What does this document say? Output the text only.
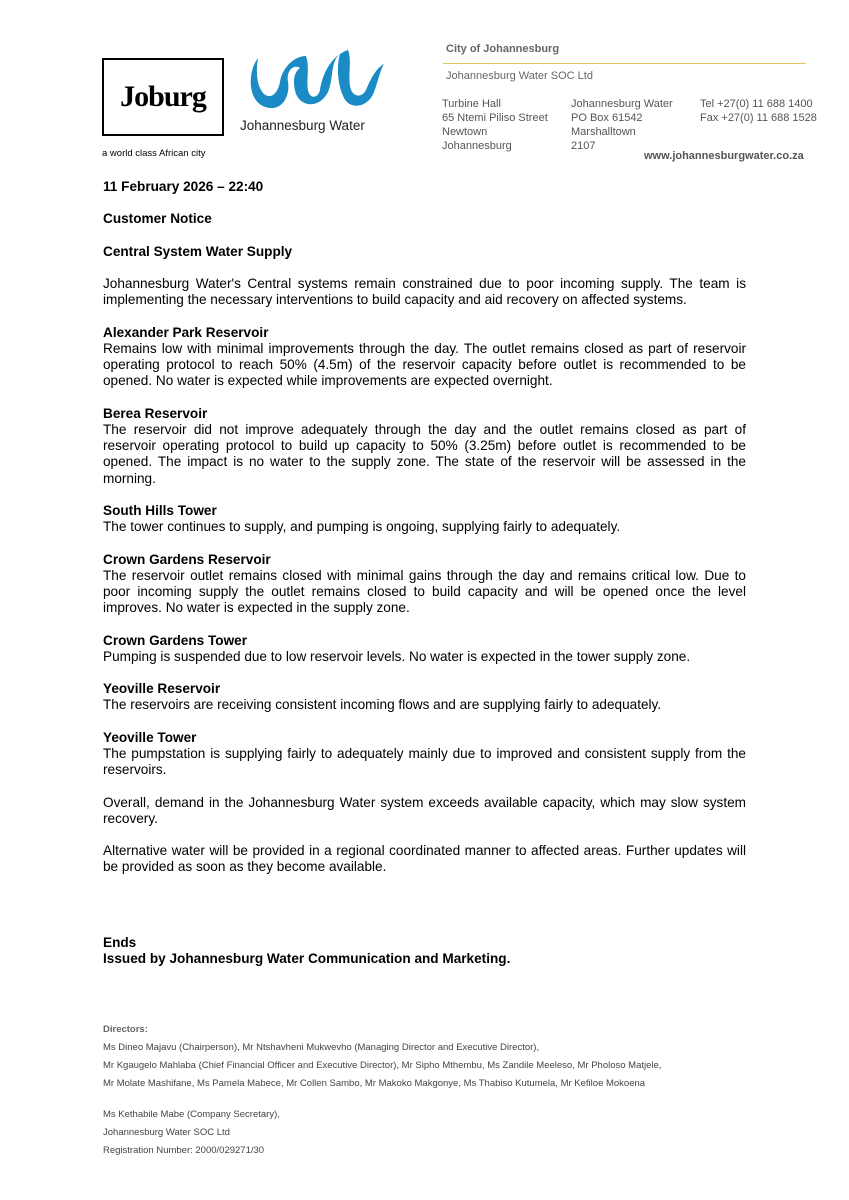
Joburg
a world class African city
Johannesburg Water
City of Johannesburg
Johannesburg Water SOC Ltd
Turbine Hall
65 Ntemi Piliso Street
Newtown
Johannesburg
Johannesburg Water
PO Box 61542
Marshalltown
2107
Tel +27(0) 11 688 1400
Fax +27(0) 11 688 1528
www.johannesburgwater.co.za

11 February 2026 – 22:40

Customer Notice

Central System Water Supply

Johannesburg Water's Central systems remain constrained due to poor incoming supply. The team is implementing the necessary interventions to build capacity and aid recovery on affected systems.

Alexander Park Reservoir

Remains low with minimal improvements through the day. The outlet remains closed as part of reservoir operating protocol to reach 50% (4.5m) of the reservoir capacity before outlet is recommended to be opened. No water is expected while improvements are expected overnight.

Berea Reservoir

The reservoir did not improve adequately through the day and the outlet remains closed as part of reservoir operating protocol to build up capacity to 50% (3.25m) before outlet is recommended to be opened. The impact is no water to the supply zone. The state of the reservoir will be assessed in the morning.

South Hills Tower

The tower continues to supply, and pumping is ongoing, supplying fairly to adequately.

Crown Gardens Reservoir

The reservoir outlet remains closed with minimal gains through the day and remains critical low. Due to poor incoming supply the outlet remains closed to build capacity and will be opened once the level improves. No water is expected in the supply zone.

Crown Gardens Tower

Pumping is suspended due to low reservoir levels. No water is expected in the tower supply zone.

Yeoville Reservoir

The reservoirs are receiving consistent incoming flows and are supplying fairly to adequately.

Yeoville Tower

The pumpstation is supplying fairly to adequately mainly due to improved and consistent supply from the reservoirs.

Overall, demand in the Johannesburg Water system exceeds available capacity, which may slow system recovery.

Alternative water will be provided in a regional coordinated manner to affected areas. Further updates will be provided as soon as they become available.

Ends
Issued by Johannesburg Water Communication and Marketing.
Directors:
Ms Dineo Majavu (Chairperson), Mr Ntshavheni Mukwevho (Managing Director and Executive Director),
Mr Kgaugelo Mahlaba (Chief Financial Officer and Executive Director), Mr Sipho Mthembu, Ms Zandile Meeleso, Mr Pholoso Matjele,
Mr Molate Mashifane, Ms Pamela Mabece, Mr Collen Sambo, Mr Makoko Makgonye, Ms Thabiso Kutumela, Mr Kefiloe Mokoena
Ms Kethabile Mabe (Company Secretary),
Johannesburg Water SOC Ltd
Registration Number: 2000/029271/30
